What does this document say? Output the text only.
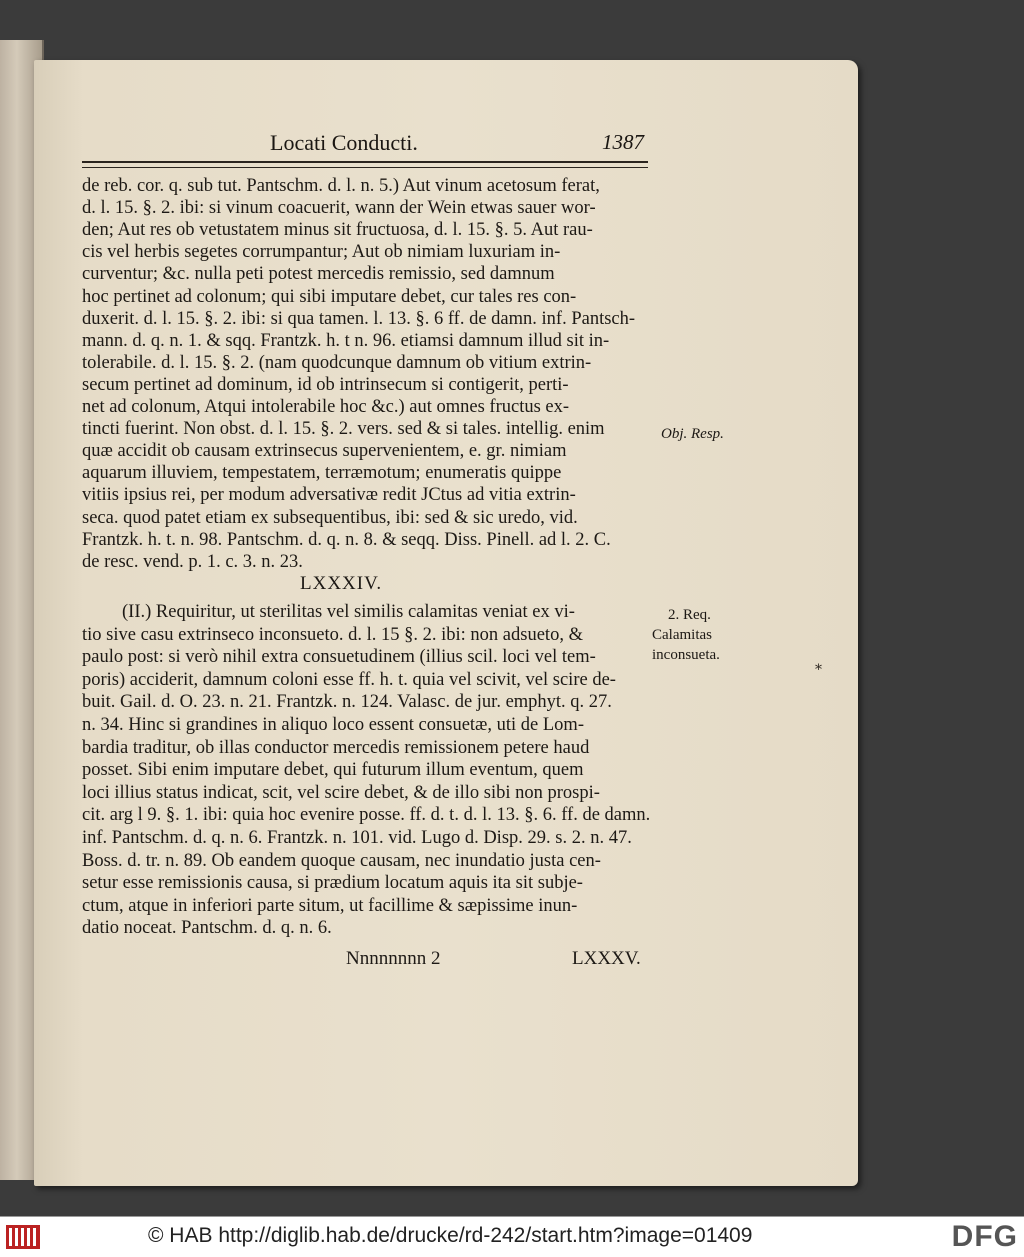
Locati Conducti.	1387
de reb. cor. q. sub tut. Pantschm. d. l. n. 5.) Aut vinum acetosum ferat,
d. l. 15. §. 2. ibi: si vinum coacuerit, wann der Wein etwas sauer wor-
den; Aut res ob vetustatem minus sit fructuosa, d. l. 15. §. 5. Aut rau-
cis vel herbis segetes corrumpantur; Aut ob nimiam luxuriam in-
curventur; &c. nulla peti potest mercedis remissio, sed damnum
hoc pertinet ad colonum; qui sibi imputare debet, cur tales res con-
duxerit. d. l. 15. §. 2. ibi: si qua tamen. l. 13. §. 6 ff. de damn. inf. Pantsch-
mann. d. q. n. 1. & sqq. Frantzk. h. t n. 96. etiamsi damnum illud sit in-
tolerabile. d. l. 15. §. 2. (nam quodcunque damnum ob vitium extrin-
secum pertinet ad dominum, id ob intrinsecum si contigerit, perti-
net ad colonum, Atqui intolerabile hoc &c.) aut omnes fructus ex-
tincti fuerint. Non obst. d. l. 15. §. 2. vers. sed & si tales. intellig. enim
quæ accidit ob causam extrinsecus supervenientem, e. gr. nimiam
aquarum illuviem, tempestatem, terræmotum; enumeratis quippe
vitiis ipsius rei, per modum adversativæ redit JCtus ad vitia extrin-
seca. quod patet etiam ex subsequentibus, ibi: sed & sic uredo, vid.
Frantzk. h. t. n. 98. Pantschm. d. q. n. 8. & seqq. Diss. Pinell. ad l. 2. C.
de resc. vend. p. 1. c. 3. n. 23.
LXXXIV.
(II.) Requiritur, ut sterilitas vel similis calamitas veniat ex vi-
tio sive casu extrinseco inconsueto. d. l. 15 §. 2. ibi: non adsueto, &
paulo post: si verò nihil extra consuetudinem (illius scil. loci vel tem-
poris) acciderit, damnum coloni esse ff. h. t. quia vel scivit, vel scire de-
buit. Gail. d. O. 23. n. 21. Frantzk. n. 124. Valasc. de jur. emphyt. q. 27.
n. 34. Hinc si grandines in aliquo loco essent consuetæ, uti de Lom-
bardia traditur, ob illas conductor mercedis remissionem petere haud
posset. Sibi enim imputare debet, qui futurum illum eventum, quem
loci illius status indicat, scit, vel scire debet, & de illo sibi non prospi-
cit. arg l 9. §. 1. ibi: quia hoc evenire posse. ff. d. t. d. l. 13. §. 6. ff. de damn.
inf. Pantschm. d. q. n. 6. Frantzk. n. 101. vid. Lugo d. Disp. 29. s. 2. n. 47.
Boss. d. tr. n. 89. Ob eandem quoque causam, nec inundatio justa cen-
setur esse remissionis causa, si prædium locatum aquis ita sit subje-
ctum, atque in inferiori parte situm, ut facillime & sæpissime inun-
datio noceat. Pantschm. d. q. n. 6.
Obj. Resp.
2. Req.
Calamitas
inconsueta.
Nnnnnnnn 2	LXXXV.
*
© HAB http://diglib.hab.de/drucke/rd-242/start.htm?image=01409	DFG
